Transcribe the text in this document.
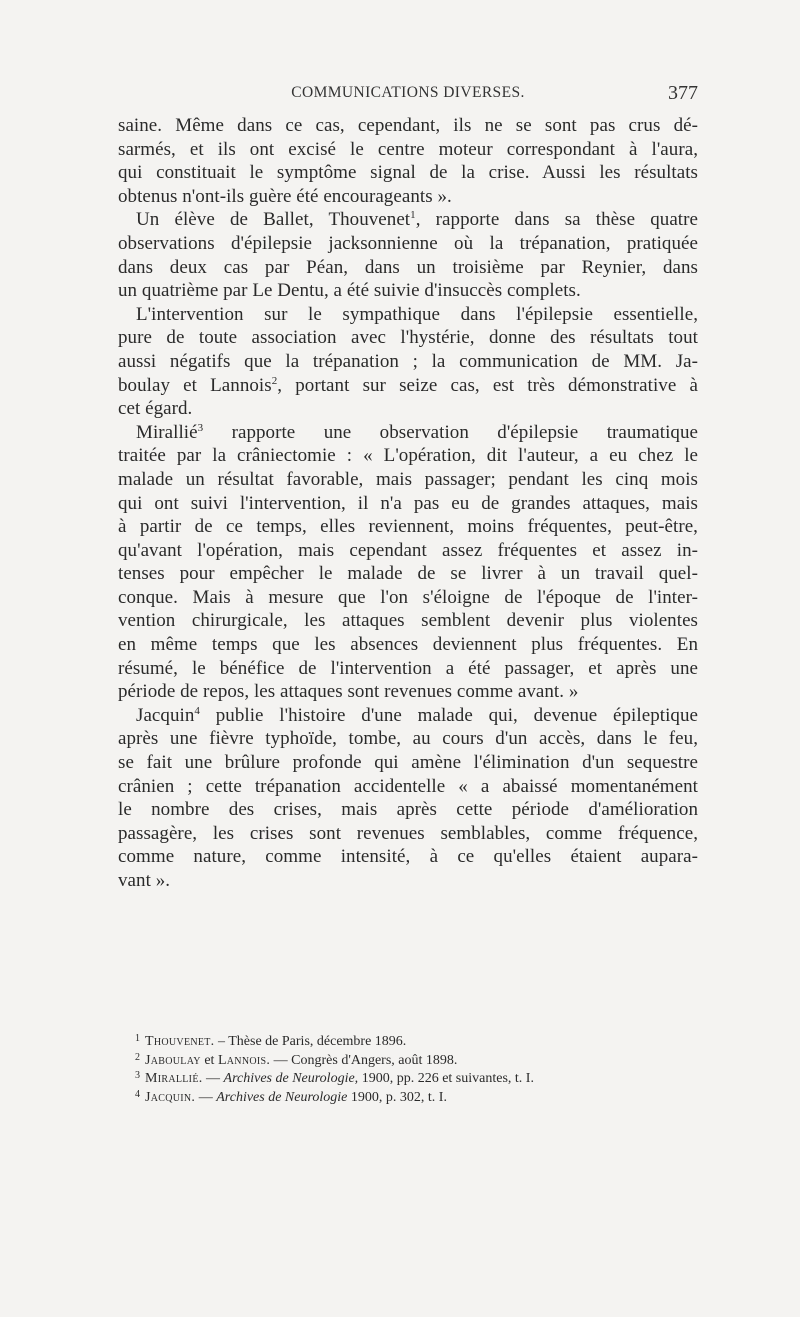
COMMUNICATIONS DIVERSES.	377
saine. Même dans ce cas, cependant, ils ne se sont pas crus dé-
sarmés, et ils ont excisé le centre moteur correspondant à l'aura,
qui constituait le symptôme signal de la crise. Aussi les résultats
obtenus n'ont-ils guère été encourageants ».
Un élève de Ballet, Thouvenet$^1$, rapporte dans sa thèse quatre
observations d'épilepsie jacksonnienne où la trépanation, pratiquée
dans deux cas par Péan, dans un troisième par Reynier, dans
un quatrième par Le Dentu, a été suivie d'insuccès complets.
L'intervention sur le sympathique dans l'épilepsie essentielle,
pure de toute association avec l'hystérie, donne des résultats tout
aussi négatifs que la trépanation ; la communication de MM. Ja-
boulay et Lannois$^2$, portant sur seize cas, est très démonstrative à
cet égard.
Mirallié$^3$ rapporte une observation d'épilepsie traumatique
traitée par la crâniectomie : « L'opération, dit l'auteur, a eu chez le
malade un résultat favorable, mais passager; pendant les cinq mois
qui ont suivi l'intervention, il n'a pas eu de grandes attaques, mais
à partir de ce temps, elles reviennent, moins fréquentes, peut-être,
qu'avant l'opération, mais cependant assez fréquentes et assez in-
tenses pour empêcher le malade de se livrer à un travail quel-
conque. Mais à mesure que l'on s'éloigne de l'époque de l'inter-
vention chirurgicale, les attaques semblent devenir plus violentes
en même temps que les absences deviennent plus fréquentes. En
résumé, le bénéfice de l'intervention a été passager, et après une
période de repos, les attaques sont revenues comme avant. »
Jacquin$^4$ publie l'histoire d'une malade qui, devenue épileptique
après une fièvre typhoïde, tombe, au cours d'un accès, dans le feu,
se fait une brûlure profonde qui amène l'élimination d'un sequestre
crânien ; cette trépanation accidentelle « a abaissé momentanément
le nombre des crises, mais après cette période d'amélioration
passagère, les crises sont revenues semblables, comme fréquence,
comme nature, comme intensité, à ce qu'elles étaient aupara-
vant ».
$^1$ Thouvenet. – Thèse de Paris, décembre 1896.
$^2$ Jaboulay et Lannois. — Congrès d'Angers, août 1898.
$^3$ Mirallié. — Archives de Neurologie, 1900, pp. 226 et suivantes, t. I.
$^4$ Jacquin. — Archives de Neurologie 1900, p. 302, t. I.
